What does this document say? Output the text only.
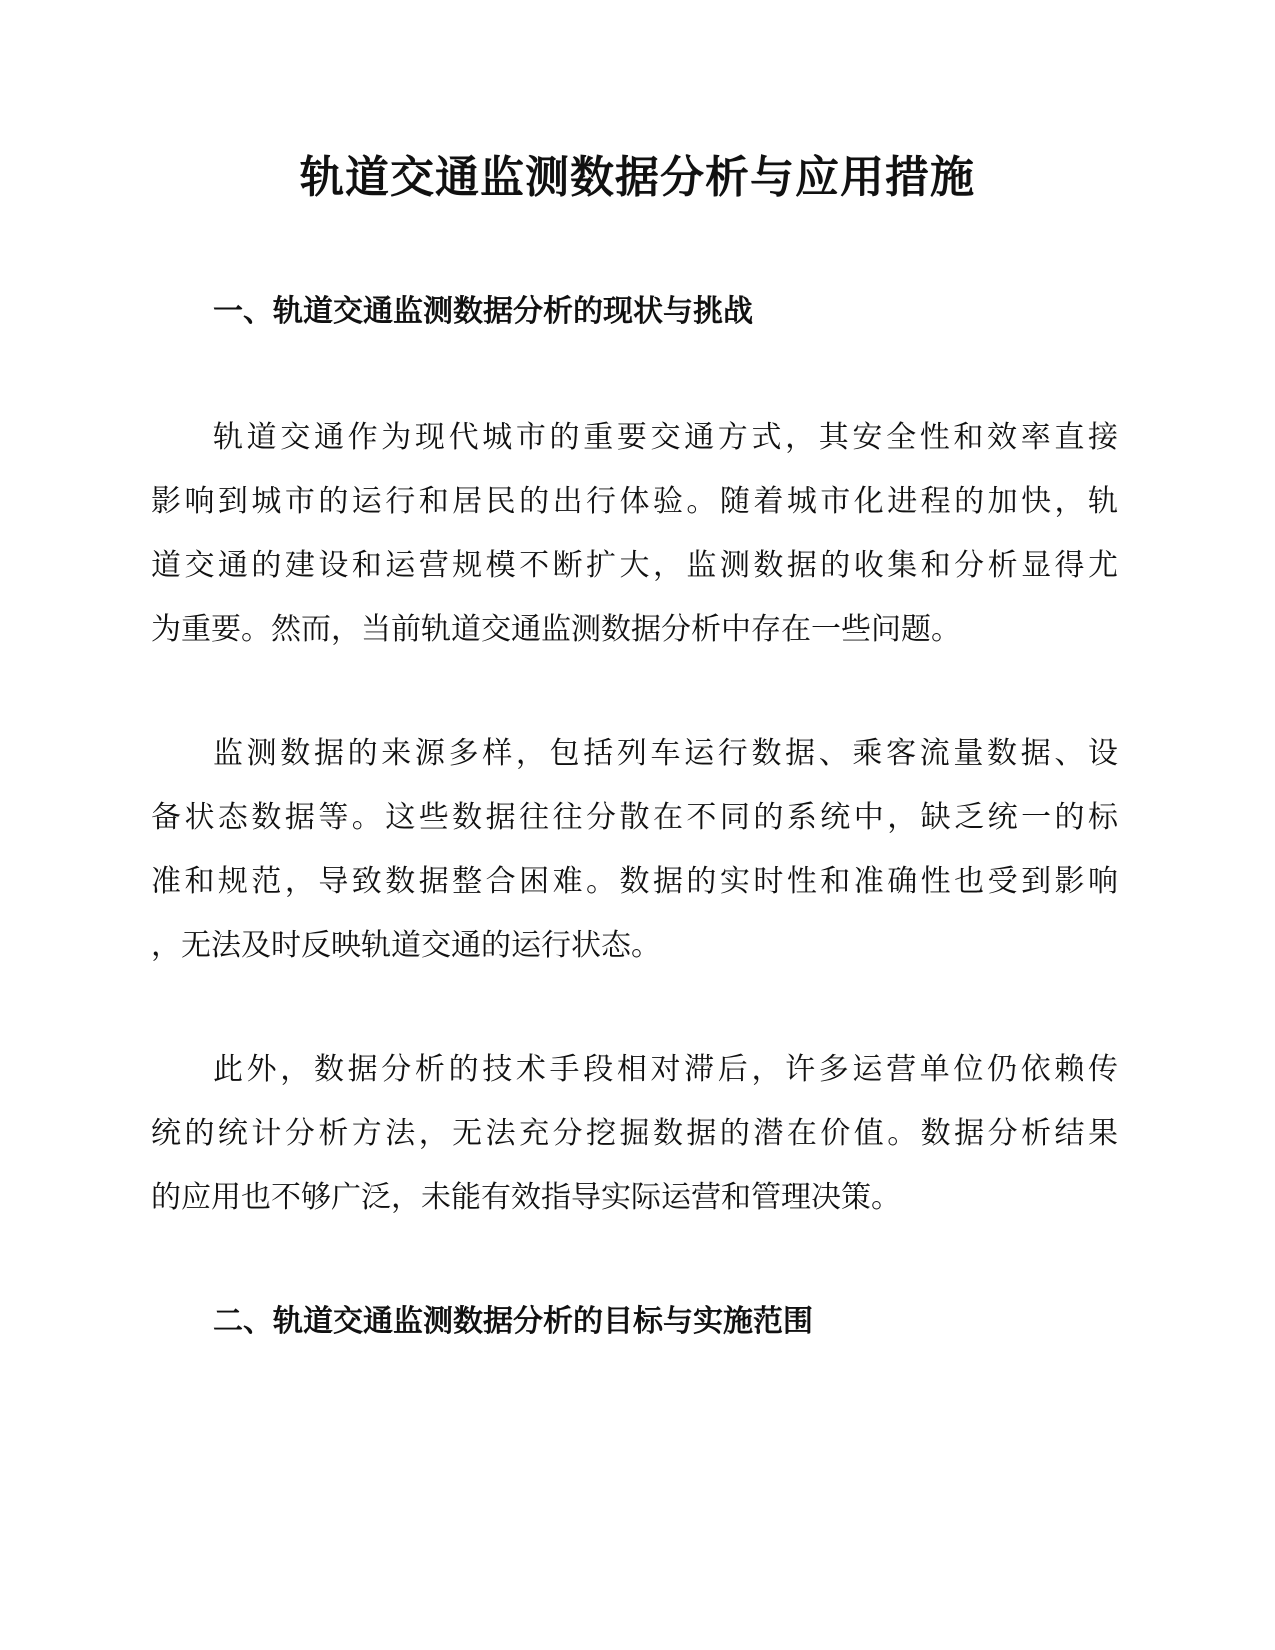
轨道交通监测数据分析与应用措施
一、轨道交通监测数据分析的现状与挑战
轨道交通作为现代城市的重要交通方式，其安全性和效率直接
影响到城市的运行和居民的出行体验。随着城市化进程的加快，轨
道交通的建设和运营规模不断扩大，监测数据的收集和分析显得尤
为重要。然而，当前轨道交通监测数据分析中存在一些问题。
监测数据的来源多样，包括列车运行数据、乘客流量数据、设
备状态数据等。这些数据往往分散在不同的系统中，缺乏统一的标
准和规范，导致数据整合困难。数据的实时性和准确性也受到影响
，无法及时反映轨道交通的运行状态。
此外，数据分析的技术手段相对滞后，许多运营单位仍依赖传
统的统计分析方法，无法充分挖掘数据的潜在价值。数据分析结果
的应用也不够广泛，未能有效指导实际运营和管理决策。
二、轨道交通监测数据分析的目标与实施范围
